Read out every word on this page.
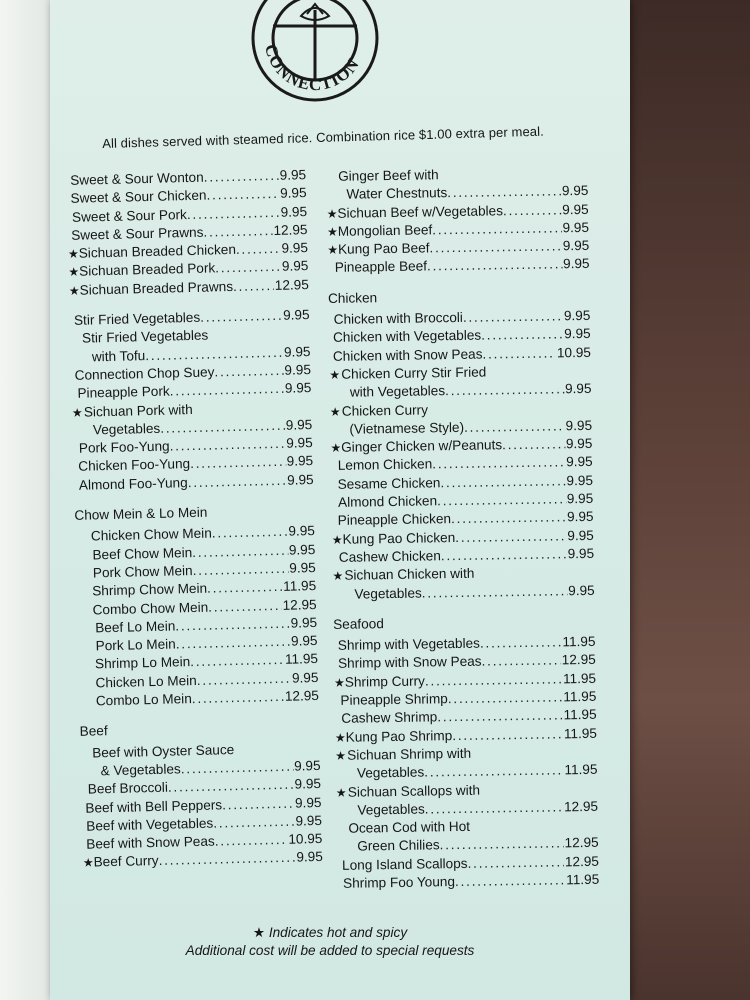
CONNECTION
All dishes served with steamed rice. Combination rice $1.00 extra per meal.
Sweet & Sour Wonton . . .	9.95
Sweet & Sour Chicken . . .	9.95
Sweet & Sour Pork . . .	9.95
Sweet & Sour Prawns . . .	12.95
★ Sichuan Breaded Chicken . . .	9.95
★ Sichuan Breaded Pork . . .	9.95
★ Sichuan Breaded Prawns . . .	12.95
Stir Fried Vegetables . . .	9.95
Stir Fried Vegetables
with Tofu . . .	9.95
Connection Chop Suey . . .	9.95
Pineapple Pork . . .	9.95
★Sichuan Pork with
Vegetables . . .	9.95
Pork Foo-Yung . . .	9.95
Chicken Foo-Yung . . .	9.95
Almond Foo-Yung . . .	9.95
Chow Mein & Lo Mein
Chicken Chow Mein . . .	9.95
Beef Chow Mein . . .	9.95
Pork Chow Mein . . .	9.95
Shrimp Chow Mein . . .	11.95
Combo Chow Mein . . .	12.95
Beef Lo Mein . . .	9.95
Pork Lo Mein . . .	9.95
Shrimp Lo Mein . . .	11.95
Chicken Lo Mein . . .	9.95
Combo Lo Mein . . .	12.95
Beef
Beef with Oyster Sauce
& Vegetables . . .	9.95
Beef Broccoli . . .	9.95
Beef with Bell Peppers . . .	9.95
Beef with Vegetables . . .	9.95
Beef with Snow Peas . . .	10.95
★ Beef Curry . . .	9.95
Ginger Beef with
Water Chestnuts . . .	9.95
★ Sichuan Beef w/Vegetables . . .	9.95
★ Mongolian Beef . . .	9.95
★ Kung Pao Beef . . .	9.95
Pineapple Beef . . .	9.95
Chicken
Chicken with Broccoli . . .	9.95
Chicken with Vegetables . . .	9.95
Chicken with Snow Peas . . .	10.95
★Chicken Curry Stir Fried
with Vegetables . . .	9.95
★Chicken Curry
(Vietnamese Style) . . .	9.95
★ Ginger Chicken w/Peanuts . . .	9.95
Lemon Chicken . . .	9.95
Sesame Chicken . . .	9.95
Almond Chicken . . .	9.95
Pineapple Chicken . . .	9.95
★ Kung Pao Chicken . . .	9.95
Cashew Chicken . . .	9.95
★Sichuan Chicken with
Vegetables . . .	9.95
Seafood
Shrimp with Vegetables . . .	11.95
Shrimp with Snow Peas . . .	12.95
★ Shrimp Curry . . .	11.95
Pineapple Shrimp . . .	11.95
Cashew Shrimp . . .	11.95
★ Kung Pao Shrimp . . .	11.95
★Sichuan Shrimp with
Vegetables . . .	11.95
★Sichuan Scallops with
Vegetables . . .	12.95
Ocean Cod with Hot
Green Chilies . . .	12.95
Long Island Scallops . . .	12.95
Shrimp Foo Young . . .	11.95
★ Indicates hot and spicy
Additional cost will be added to special requests
